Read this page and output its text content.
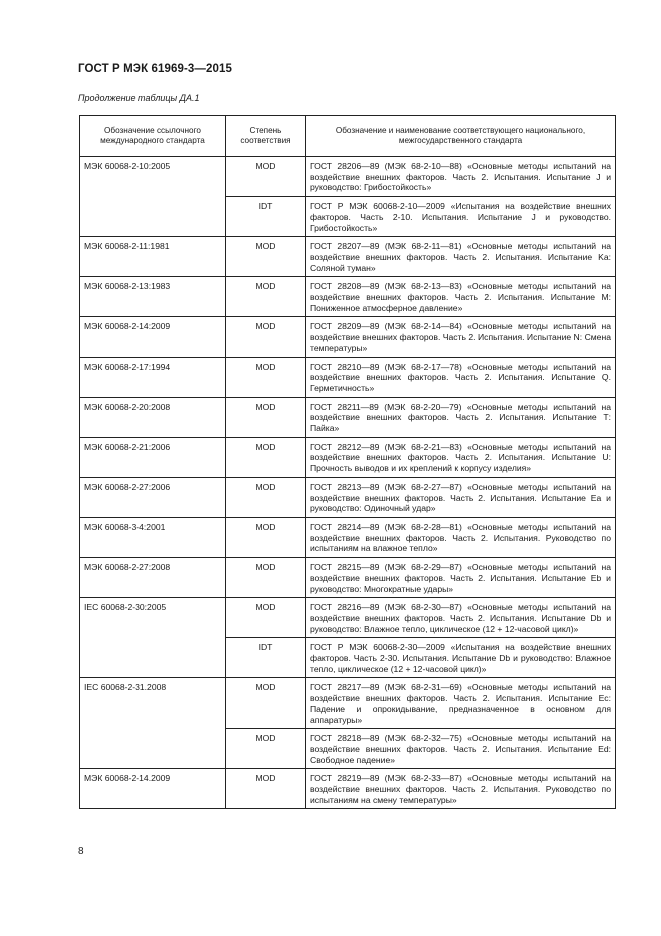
ГОСТ Р МЭК 61969-3—2015
Продолжение таблицы ДА.1
Обозначение ссылочного международного стандарта	Степень соответствия	Обозначение и наименование соответствующего национального, межгосударственного стандарта
МЭК 60068-2-10:2005	MOD	ГОСТ 28206—89 (МЭК 68-2-10—88) «Основные методы испытаний на воздействие внешних факторов. Часть 2. Испытания. Испытание J и руководство: Грибостойкость»
	IDT	ГОСТ Р МЭК 60068-2-10—2009 «Испытания на воздействие внешних факторов. Часть 2-10. Испытания. Испытание J и руководство. Грибостойкость»
МЭК 60068-2-11:1981	MOD	ГОСТ 28207—89 (МЭК 68-2-11—81) «Основные методы испытаний на воздействие внешних факторов. Часть 2. Испытания. Испытание Ka: Соляной туман»
МЭК 60068-2-13:1983	MOD	ГОСТ 28208—89 (МЭК 68-2-13—83) «Основные методы испытаний на воздействие внешних факторов. Часть 2. Испытания. Испытание М: Пониженное атмосферное давление»
МЭК 60068-2-14:2009	MOD	ГОСТ 28209—89 (МЭК 68-2-14—84) «Основные методы испытаний на воздействие внешних факторов. Часть 2. Испытания. Испытание N: Смена температуры»
МЭК 60068-2-17:1994	MOD	ГОСТ 28210—89 (МЭК 68-2-17—78) «Основные методы испытаний на воздействие внешних факторов. Часть 2. Испытания. Испытание Q. Герметичность»
МЭК 60068-2-20:2008	MOD	ГОСТ 28211—89 (МЭК 68-2-20—79) «Основные методы испытаний на воздействие внешних факторов. Часть 2. Испытания. Испытание Т: Пайка»
МЭК 60068-2-21:2006	MOD	ГОСТ 28212—89 (МЭК 68-2-21—83) «Основные методы испытаний на воздействие внешних факторов. Часть 2. Испытания. Испытание U: Прочность выводов и их креплений к корпусу изделия»
МЭК 60068-2-27:2006	MOD	ГОСТ 28213—89 (МЭК 68-2-27—87) «Основные методы испытаний на воздействие внешних факторов. Часть 2. Испытания. Испытание Еа и руководство: Одиночный удар»
МЭК 60068-3-4:2001	MOD	ГОСТ 28214—89 (МЭК 68-2-28—81) «Основные методы испытаний на воздействие внешних факторов. Часть 2. Испытания. Руководство по испытаниям на влажное тепло»
МЭК 60068-2-27:2008	MOD	ГОСТ 28215—89 (МЭК 68-2-29—87) «Основные методы испытаний на воздействие внешних факторов. Часть 2. Испытания. Испытание Eb и руководство: Многократные удары»
IEC 60068-2-30:2005	MOD	ГОСТ 28216—89 (МЭК 68-2-30—87) «Основные методы испытаний на воздействие внешних факторов. Часть 2. Испытания. Испытание Db и руководство: Влажное тепло, циклическое (12 + 12-часовой цикл)»
	IDT	ГОСТ Р МЭК 60068-2-30—2009 «Испытания на воздействие внешних факторов. Часть 2-30. Испытания. Испытание Db и руководство: Влажное тепло, циклическое (12 + 12-часовой цикл)»
IEC 60068-2-31.2008	MOD	ГОСТ 28217—89 (МЭК 68-2-31—69) «Основные методы испытаний на воздействие внешних факторов. Часть 2. Испытания. Испытание Ec: Падение и опрокидывание, предназначенное в основном для аппаратуры»
	MOD	ГОСТ 28218—89 (МЭК 68-2-32—75) «Основные методы испытаний на воздействие внешних факторов. Часть 2. Испытания. Испытание Ed: Свободное падение»
МЭК 60068-2-14.2009	MOD	ГОСТ 28219—89 (МЭК 68-2-33—87) «Основные методы испытаний на воздействие внешних факторов. Часть 2. Испытания. Руководство по испытаниям на смену температуры»
8
